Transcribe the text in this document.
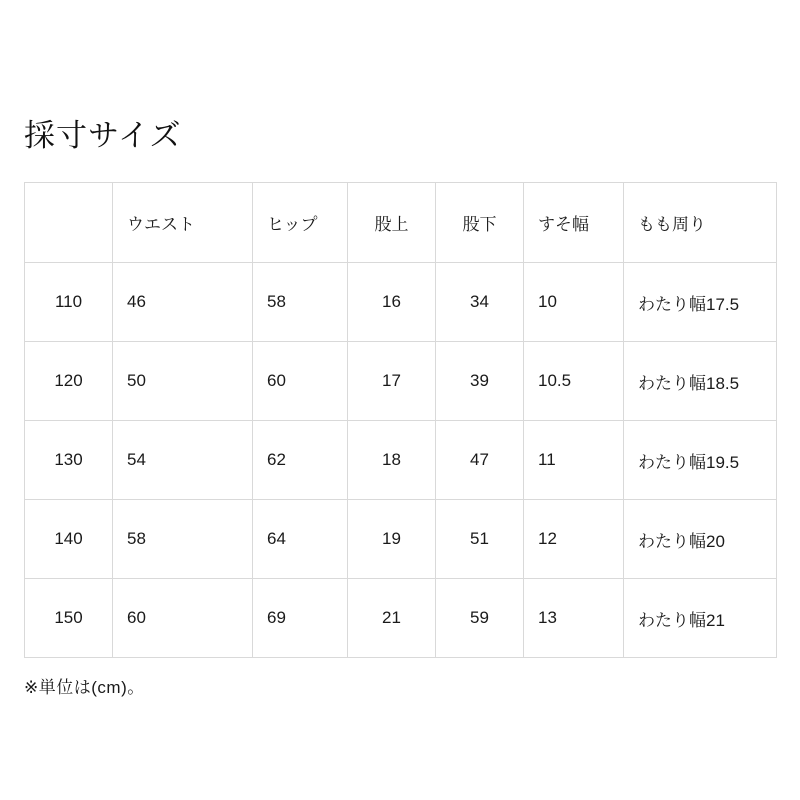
採寸サイズ
	ウエスト	ヒップ	股上	股下	すそ幅	もも周り
110	46	58	16	34	10	わたり幅17.5
120	50	60	17	39	10.5	わたり幅18.5
130	54	62	18	47	11	わたり幅19.5
140	58	64	19	51	12	わたり幅20
150	60	69	21	59	13	わたり幅21
※単位は(cm)。
